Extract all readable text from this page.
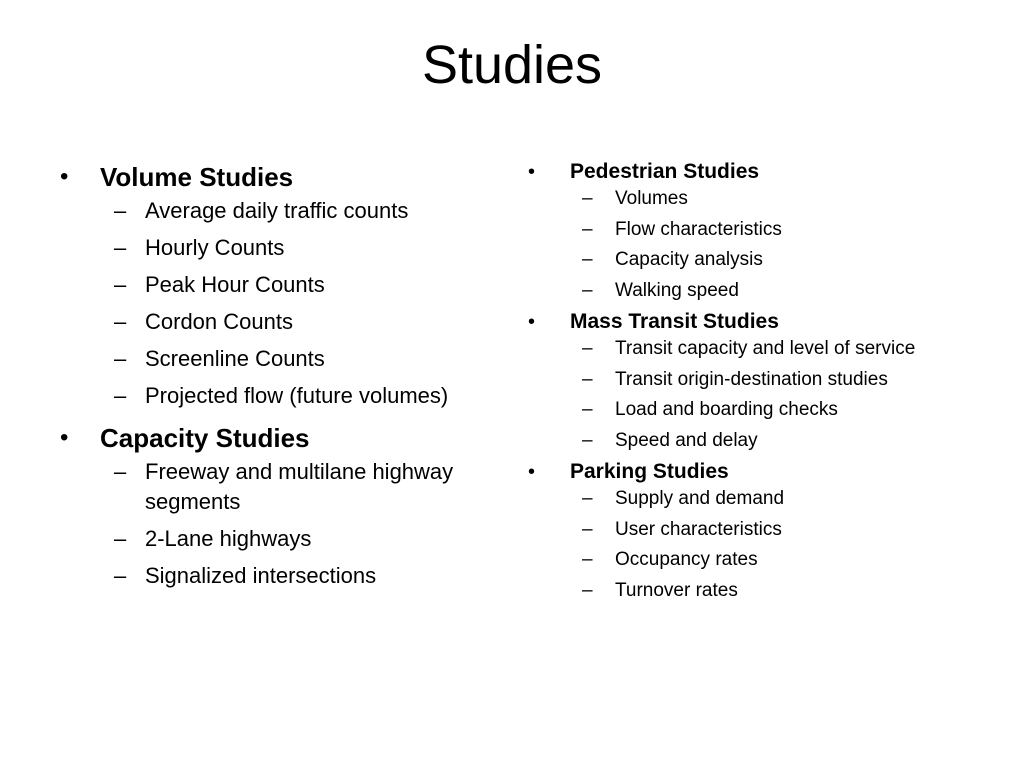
Studies
• Volume Studies
– Average daily traffic counts
– Hourly Counts
– Peak Hour Counts
– Cordon Counts
– Screenline Counts
– Projected flow (future volumes)
• Capacity Studies
– Freeway and multilane highway segments
– 2-Lane highways
– Signalized intersections
• Pedestrian Studies
– Volumes
– Flow characteristics
– Capacity analysis
– Walking speed
• Mass Transit Studies
– Transit capacity and level of service
– Transit origin-destination studies
– Load and boarding checks
– Speed and delay
• Parking Studies
– Supply and demand
– User characteristics
– Occupancy rates
– Turnover rates
